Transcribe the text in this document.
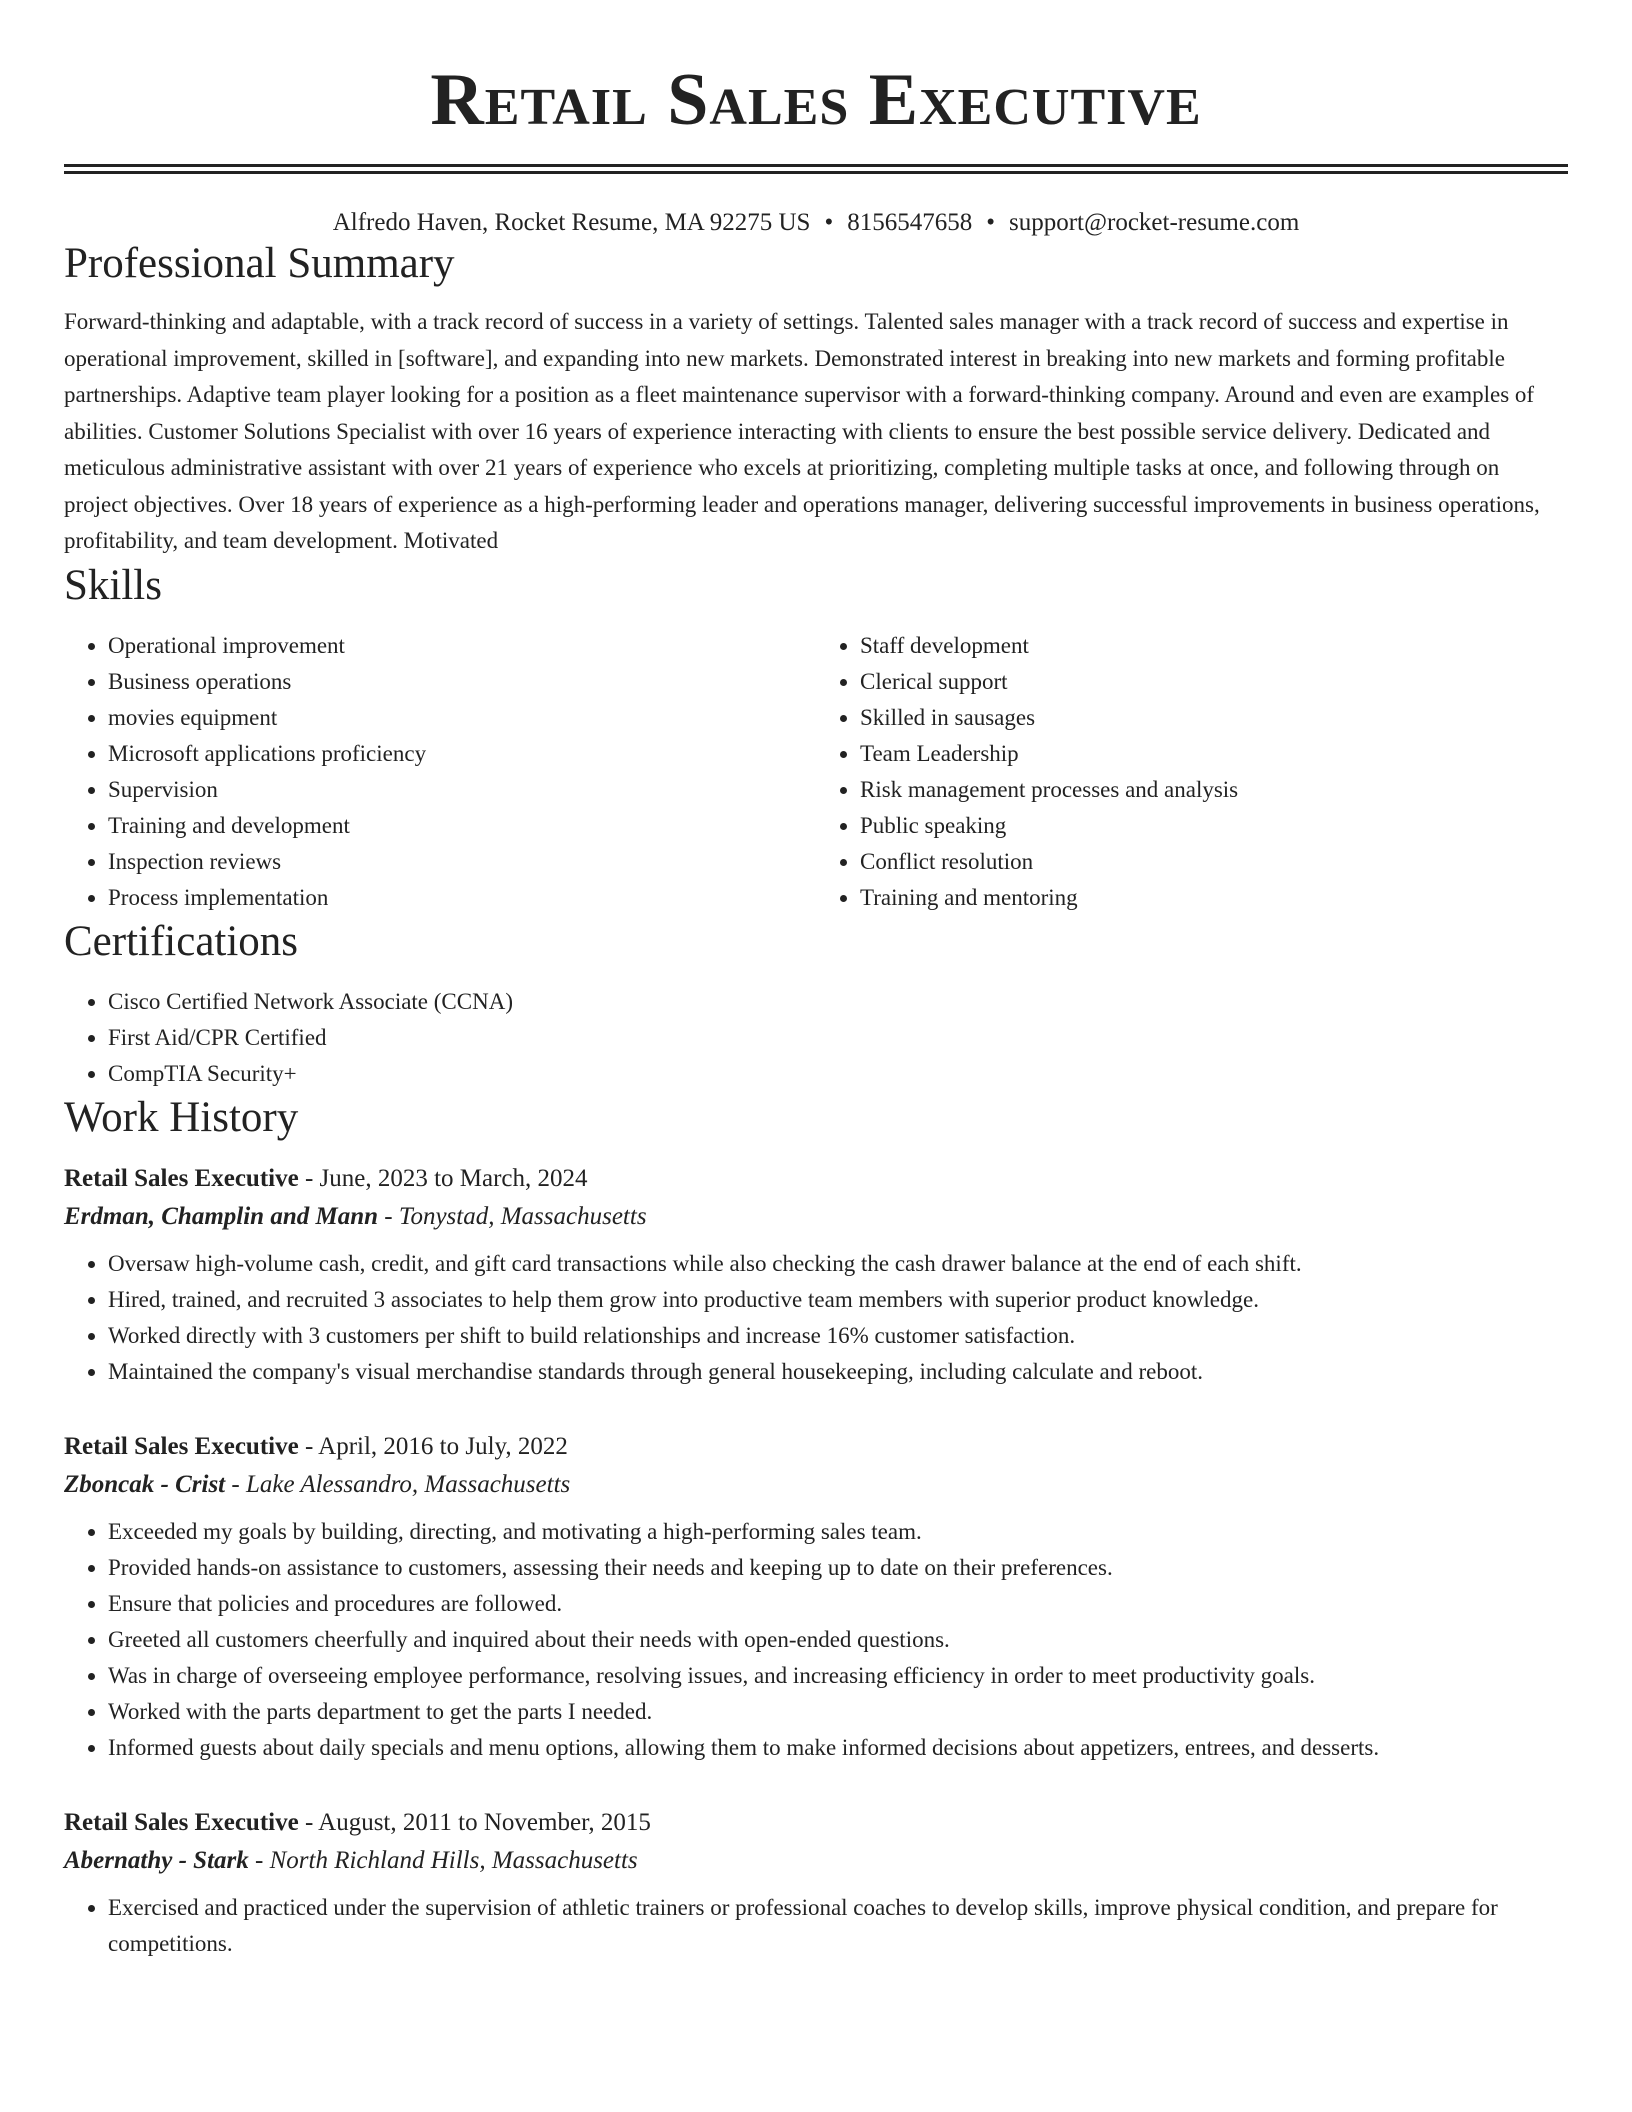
Retail Sales Executive
Alfredo Haven, Rocket Resume, MA 92275 US • 8156547658 • support@rocket-resume.com
Professional Summary

Forward-thinking and adaptable, with a track record of success in a variety of settings. Talented sales manager with a track record of success and expertise in operational improvement, skilled in [software], and expanding into new markets. Demonstrated interest in breaking into new markets and forming profitable partnerships. Adaptive team player looking for a position as a fleet maintenance supervisor with a forward-thinking company. Around and even are examples of abilities. Customer Solutions Specialist with over 16 years of experience interacting with clients to ensure the best possible service delivery. Dedicated and meticulous administrative assistant with over 21 years of experience who excels at prioritizing, completing multiple tasks at once, and following through on project objectives. Over 18 years of experience as a high-performing leader and operations manager, delivering successful improvements in business operations, profitability, and team development. Motivated

Skills
• Operational improvement
• Business operations
• movies equipment
• Microsoft applications proficiency
• Supervision
• Training and development
• Inspection reviews
• Process implementation
• Staff development
• Clerical support
• Skilled in sausages
• Team Leadership
• Risk management processes and analysis
• Public speaking
• Conflict resolution
• Training and mentoring
Certifications
• Cisco Certified Network Associate (CCNA)
• First Aid/CPR Certified
• CompTIA Security+
Work History
Retail Sales Executive - June, 2023 to March, 2024
Erdman, Champlin and Mann - Tonystad, Massachusetts
• Oversaw high-volume cash, credit, and gift card transactions while also checking the cash drawer balance at the end of each shift.
• Hired, trained, and recruited 3 associates to help them grow into productive team members with superior product knowledge.
• Worked directly with 3 customers per shift to build relationships and increase 16% customer satisfaction.
• Maintained the company's visual merchandise standards through general housekeeping, including calculate and reboot.
Retail Sales Executive - April, 2016 to July, 2022
Zboncak - Crist - Lake Alessandro, Massachusetts
• Exceeded my goals by building, directing, and motivating a high-performing sales team.
• Provided hands-on assistance to customers, assessing their needs and keeping up to date on their preferences.
• Ensure that policies and procedures are followed.
• Greeted all customers cheerfully and inquired about their needs with open-ended questions.
• Was in charge of overseeing employee performance, resolving issues, and increasing efficiency in order to meet productivity goals.
• Worked with the parts department to get the parts I needed.
• Informed guests about daily specials and menu options, allowing them to make informed decisions about appetizers, entrees, and desserts.
Retail Sales Executive - August, 2011 to November, 2015
Abernathy - Stark - North Richland Hills, Massachusetts
• Exercised and practiced under the supervision of athletic trainers or professional coaches to develop skills, improve physical condition, and prepare for competitions.
